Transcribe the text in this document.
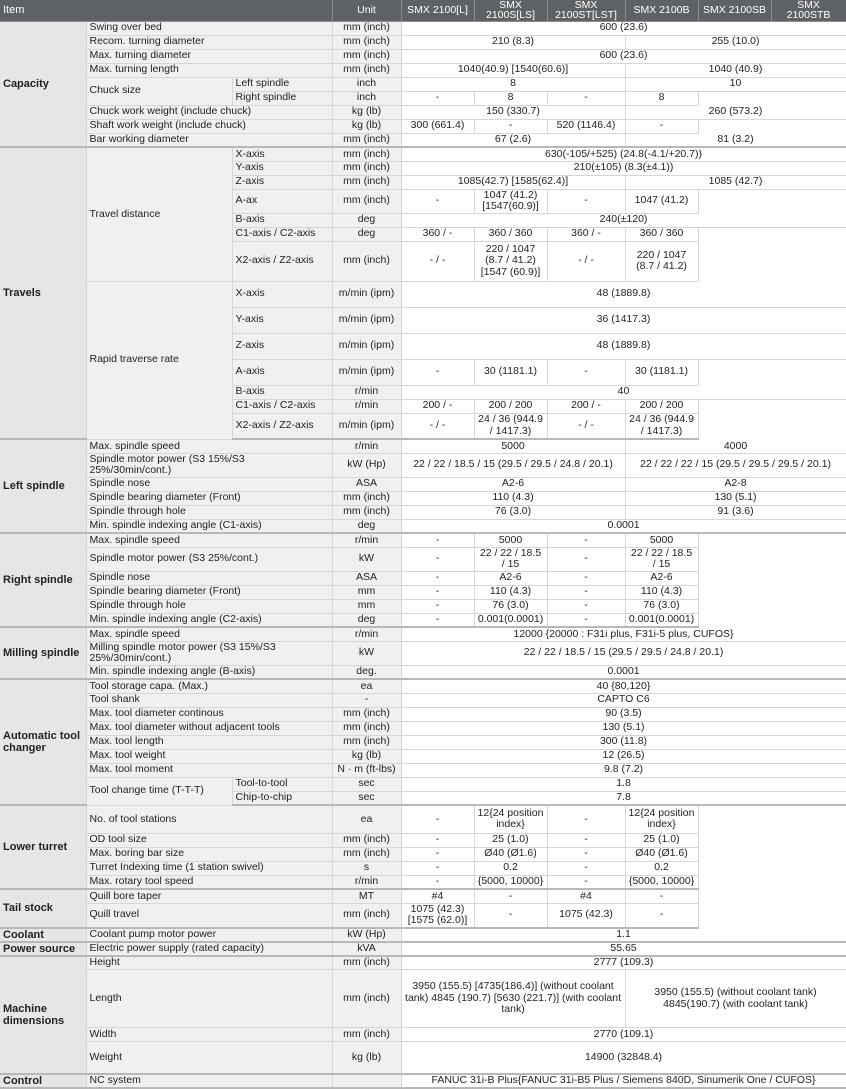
Item			Unit	SMX 2100[L]	SMX 2100S[LS]	SMX 2100ST[LST]	SMX 2100B	SMX 2100SB	SMX 2100STB	
Capacity	Swing over bed		mm (inch)	600 (23.6)						
	Recom. turning diameter		mm (inch)	210 (8.3)			255 (10.0)			
	Max. turning diameter		mm (inch)	600 (23.6)						
	Max. turning length		mm (inch)	1040(40.9) [1540(60.6)]			1040 (40.9)			
	Chuck size	Left spindle	inch	8			10			
		Right spindle	inch	-	8	-	8			
	Chuck work weight (include chuck)		kg (lb)	150 (330.7)			260 (573.2)			
	Shaft work weight (include chuck)		kg (lb)	300 (661.4)	-	520 (1146.4)	-			
	Bar working diameter		mm (inch)	67 (2.6)			81 (3.2)			
Travels	Travel distance	X-axis	mm (inch)	630(-105/+525) (24.8(-4.1/+20.7))						
		Y-axis	mm (inch)	210(±105) (8.3(±4.1))						
		Z-axis	mm (inch)	1085(42.7) [1585(62.4)]			1085 (42.7)			
		A-ax	mm (inch)	-	1047 (41.2) [1547(60.9)]	-	1047 (41.2)			
		B-axis	deg	240(±120)						
		C1-axis / C2-axis	deg	360 / -	360 / 360	360 / -	360 / 360			
		X2-axis / Z2-axis	mm (inch)	- / -	220 / 1047 (8.7 / 41.2) [1547 (60.9)]	- / -	220 / 1047 (8.7 / 41.2)			
	Rapid traverse rate	X-axis	m/min (ipm)	48 (1889.8)						
		Y-axis	m/min (ipm)	36 (1417.3)						
		Z-axis	m/min (ipm)	48 (1889.8)						
		A-axis	m/min (ipm)	-	30 (1181.1)	-	30 (1181.1)			
		B-axis	r/min	40						
		C1-axis / C2-axis	r/min	200 / -	200 / 200	200 / -	200 / 200			
		X2-axis / Z2-axis	m/min (ipm)	- / -	24 / 36 (944.9 / 1417.3)	- / -	24 / 36 (944.9 / 1417.3)			
Left spindle	Max. spindle speed		r/min	5000			4000			
	Spindle motor power (S3 15%/S3 25%/30min/cont.)		kW (Hp)	22 / 22 / 18.5 / 15 (29.5 / 29.5 / 24.8 / 20.1)			22 / 22 / 22 / 15 (29.5 / 29.5 / 29.5 / 20.1)			
	Spindle nose		ASA	A2-6			A2-8			
	Spindle bearing diameter (Front)		mm (inch)	110 (4.3)			130 (5.1)			
	Spindle through hole		mm (inch)	76 (3.0)			91 (3.6)			
	Min. spindle indexing angle (C1-axis)		deg	0.0001						
Right spindle	Max. spindle speed		r/min	-	5000	-	5000			
	Spindle motor power (S3 25%/cont.)		kW	-	22 / 22 / 18.5 / 15	-	22 / 22 / 18.5 / 15			
	Spindle nose		ASA	-	A2-6	-	A2-6			
	Spindle bearing diameter (Front)		mm	-	110 (4.3)	-	110 (4.3)			
	Spindle through hole		mm	-	76 (3.0)	-	76 (3.0)			
	Min. spindle indexing angle (C2-axis)		deg	-	0.001(0.0001)	-	0.001(0.0001)			
Milling spindle	Max. spindle speed		r/min	12000 {20000 : F31i plus, F31i-5 plus, CUFOS}						
	Milling spindle motor power (S3 15%/S3 25%/30min/cont.)		kW	22 / 22 / 18.5 / 15 (29.5 / 29.5 / 24.8 / 20.1)						
	Min. spindle indexing angle (B-axis)		deg.	0.0001						
Automatic tool changer	Tool storage capa. (Max.)		ea	40 {80,120}						
	Tool shank		-	CAPTO C6						
	Max. tool diameter continous		mm (inch)	90 (3.5)						
	Max. tool diameter without adjacent tools		mm (inch)	130 (5.1)						
	Max. tool length		mm (inch)	300 (11.8)						
	Max. tool weight		kg (lb)	12 (26.5)						
	Max. tool moment		N · m (ft-lbs)	9.8 (7.2)						
	Tool change time (T-T-T)	Tool-to-tool	sec	1.8						
		Chip-to-chip	sec	7.8						
Lower turret	No. of tool stations		ea	-	12{24 position index}	-	12{24 position index}			
	OD tool size		mm (inch)	-	25 (1.0)	-	25 (1.0)			
	Max. boring bar size		mm (inch)	-	Ø40 (Ø1.6)	-	Ø40 (Ø1.6)			
	Turret Indexing time (1 station swivel)		s	-	0.2	-	0.2			
	Max. rotary tool speed		r/min	-	{5000, 10000}	-	{5000, 10000}			
Tail stock	Quill bore taper		MT	#4	-	#4	-			
	Quill travel		mm (inch)	1075 (42.3) [1575 (62.0)]	-	1075 (42.3)	-			
Coolant	Coolant pump motor power		kW (Hp)	1.1						
Power source	Electric power supply (rated capacity)		kVA	55.65					
Machine dimensions	Height		mm (inch)	2777 (109.3)						
	Length		mm (inch)	3950 (155.5) [4735(186.4)] (without coolant tank) 4845 (190.7) [5630 (221.7)] (with coolant tank)			3950 (155.5) (without coolant tank) 4845(190.7) (with coolant tank)			
	Width		mm (inch)	2770 (109.1)						
	Weight		kg (lb)	14900 (32848.4)					
Control	NC system			FANUC 31i-B Plus{FANUC 31i-B5 Plus / Siemens 840D, Sinumerik One / CUFOS}						
